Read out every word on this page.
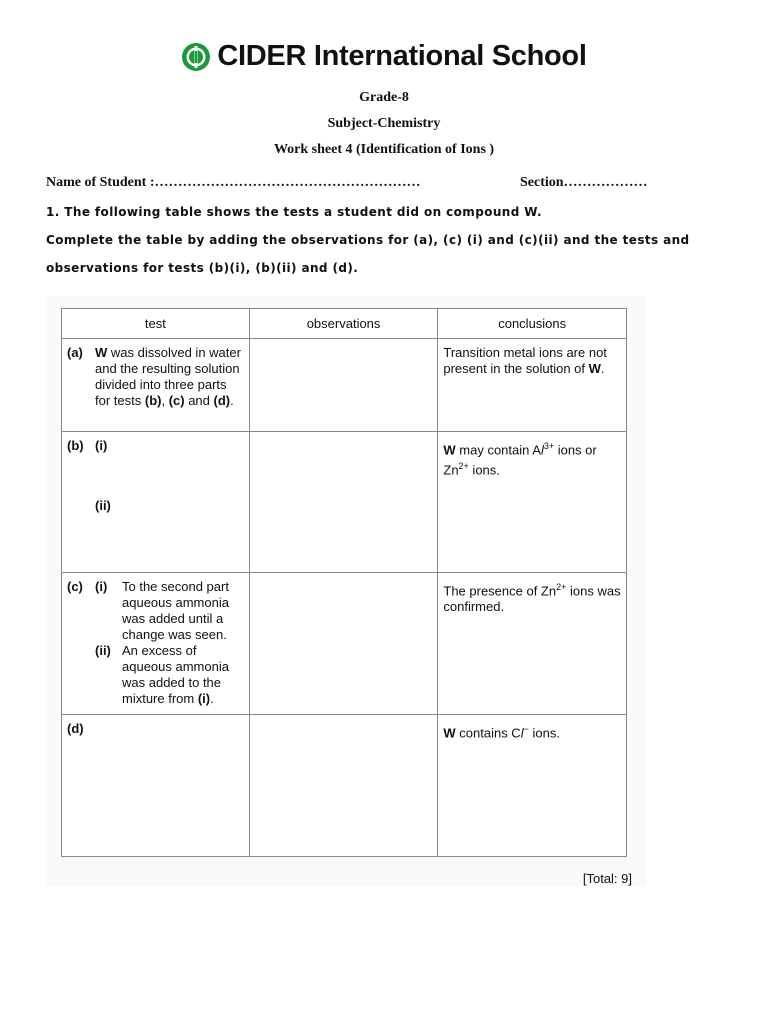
CIDER International School
Grade-8
Subject-Chemistry
Work sheet 4 (Identification of Ions )
Name of Student :…………………………………………………	Section………………
1. The following table shows the tests a student did on compound W.
Complete the table by adding the observations for (a), (c) (i) and (c)(ii) and the tests and
observations for tests (b)(i), (b)(ii) and (d).
test	observations	conclusions

(a) W was dissolved in water and the resulting solution divided into three parts for tests (b), (c) and (d).		Transition metal ions are not present in the solution of W.

(b) (i)
(ii)		W may contain $Al^{3+}$ ions or $Zn^{2+}$ ions.

(c) (i) To the second part aqueous ammonia was added until a change was seen.
(ii) An excess of aqueous ammonia was added to the mixture from (i).		The presence of $Zn^{2+}$ ions was confirmed.
(d)		W contains Cl− ions.
[Total: 9]
